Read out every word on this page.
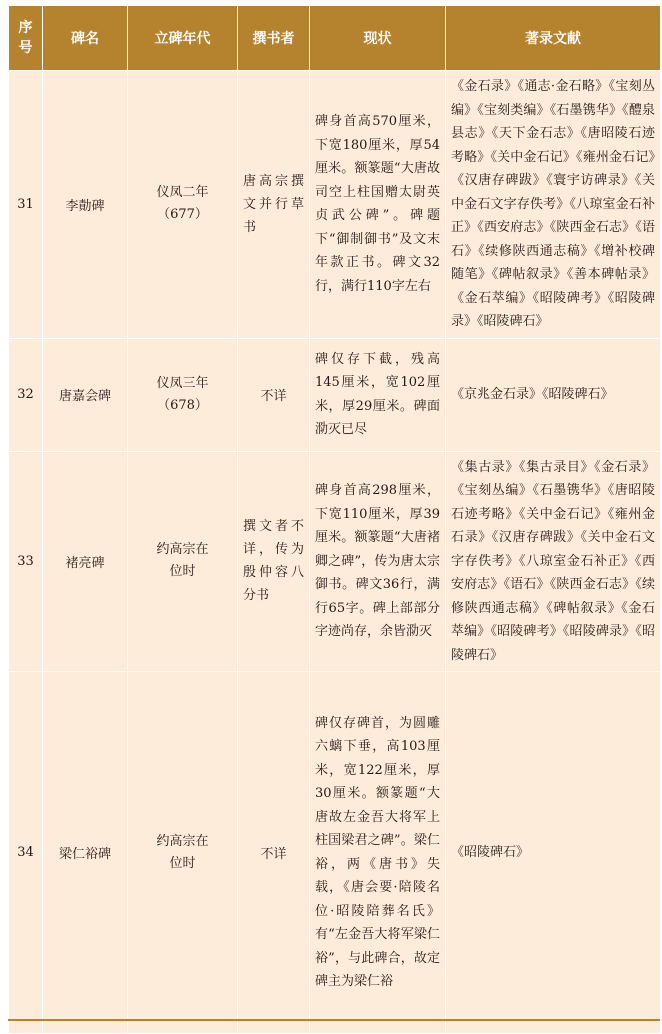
序号	碑名	立碑年代	撰书者	现状	著录文献
31	李勣碑	仪凤二年（677）	唐高宗撰文并行草书	碑身首高570厘米，下宽180厘米，厚54厘米。额篆题“大唐故司空上柱国赠太尉英贞武公碑”。碑题下“御制御书”及文末年款正书。碑文32行，满行110字左右	《金石录》《通志·金石略》《宝刻丛编》《宝刻类编》《石墨镌华》《醴泉县志》《天下金石志》《唐昭陵石迹考略》《关中金石记》《雍州金石记》《汉唐存碑跋》《寰宇访碑录》《关中金石文字存佚考》《八琼室金石补正》《西安府志》《陕西金石志》《语石》《续修陕西通志稿》《增补校碑随笔》《碑帖叙录》《善本碑帖录》《金石萃编》《昭陵碑考》《昭陵碑录》《昭陵碑石》
32	唐嘉会碑	仪凤三年（678）	不详	碑仅存下截，残高145厘米，宽102厘米，厚29厘米。碑面泐灭已尽	《京兆金石录》《昭陵碑石》
33	褚亮碑	约高宗在位时	撰文者不详，传为殷仲容八分书	碑身首高298厘米，下宽110厘米，厚39厘米。额篆题“大唐褚卿之碑”，传为唐太宗御书。碑文36行，满行65字。碑上部部分字迹尚存，余皆泐灭	《集古录》《集古录目》《金石录》《宝刻丛编》《石墨镌华》《唐昭陵石迹考略》《关中金石记》《雍州金石录》《汉唐存碑跋》《关中金石文字存佚考》《八琼室金石补正》《西安府志》《语石》《陕西金石志》《续修陕西通志稿》《碑帖叙录》《金石萃编》《昭陵碑考》《昭陵碑录》《昭陵碑石》
34	梁仁裕碑	约高宗在位时	不详	碑仅存碑首，为圆雕六螭下垂，高103厘米，宽122厘米，厚30厘米。额篆题“大唐故左金吾大将军上柱国梁君之碑”。梁仁裕，两《唐书》失载，《唐会要·陪陵名位·昭陵陪葬名氏》有“左金吾大将军梁仁裕”，与此碑合，故定碑主为梁仁裕	《昭陵碑石》
